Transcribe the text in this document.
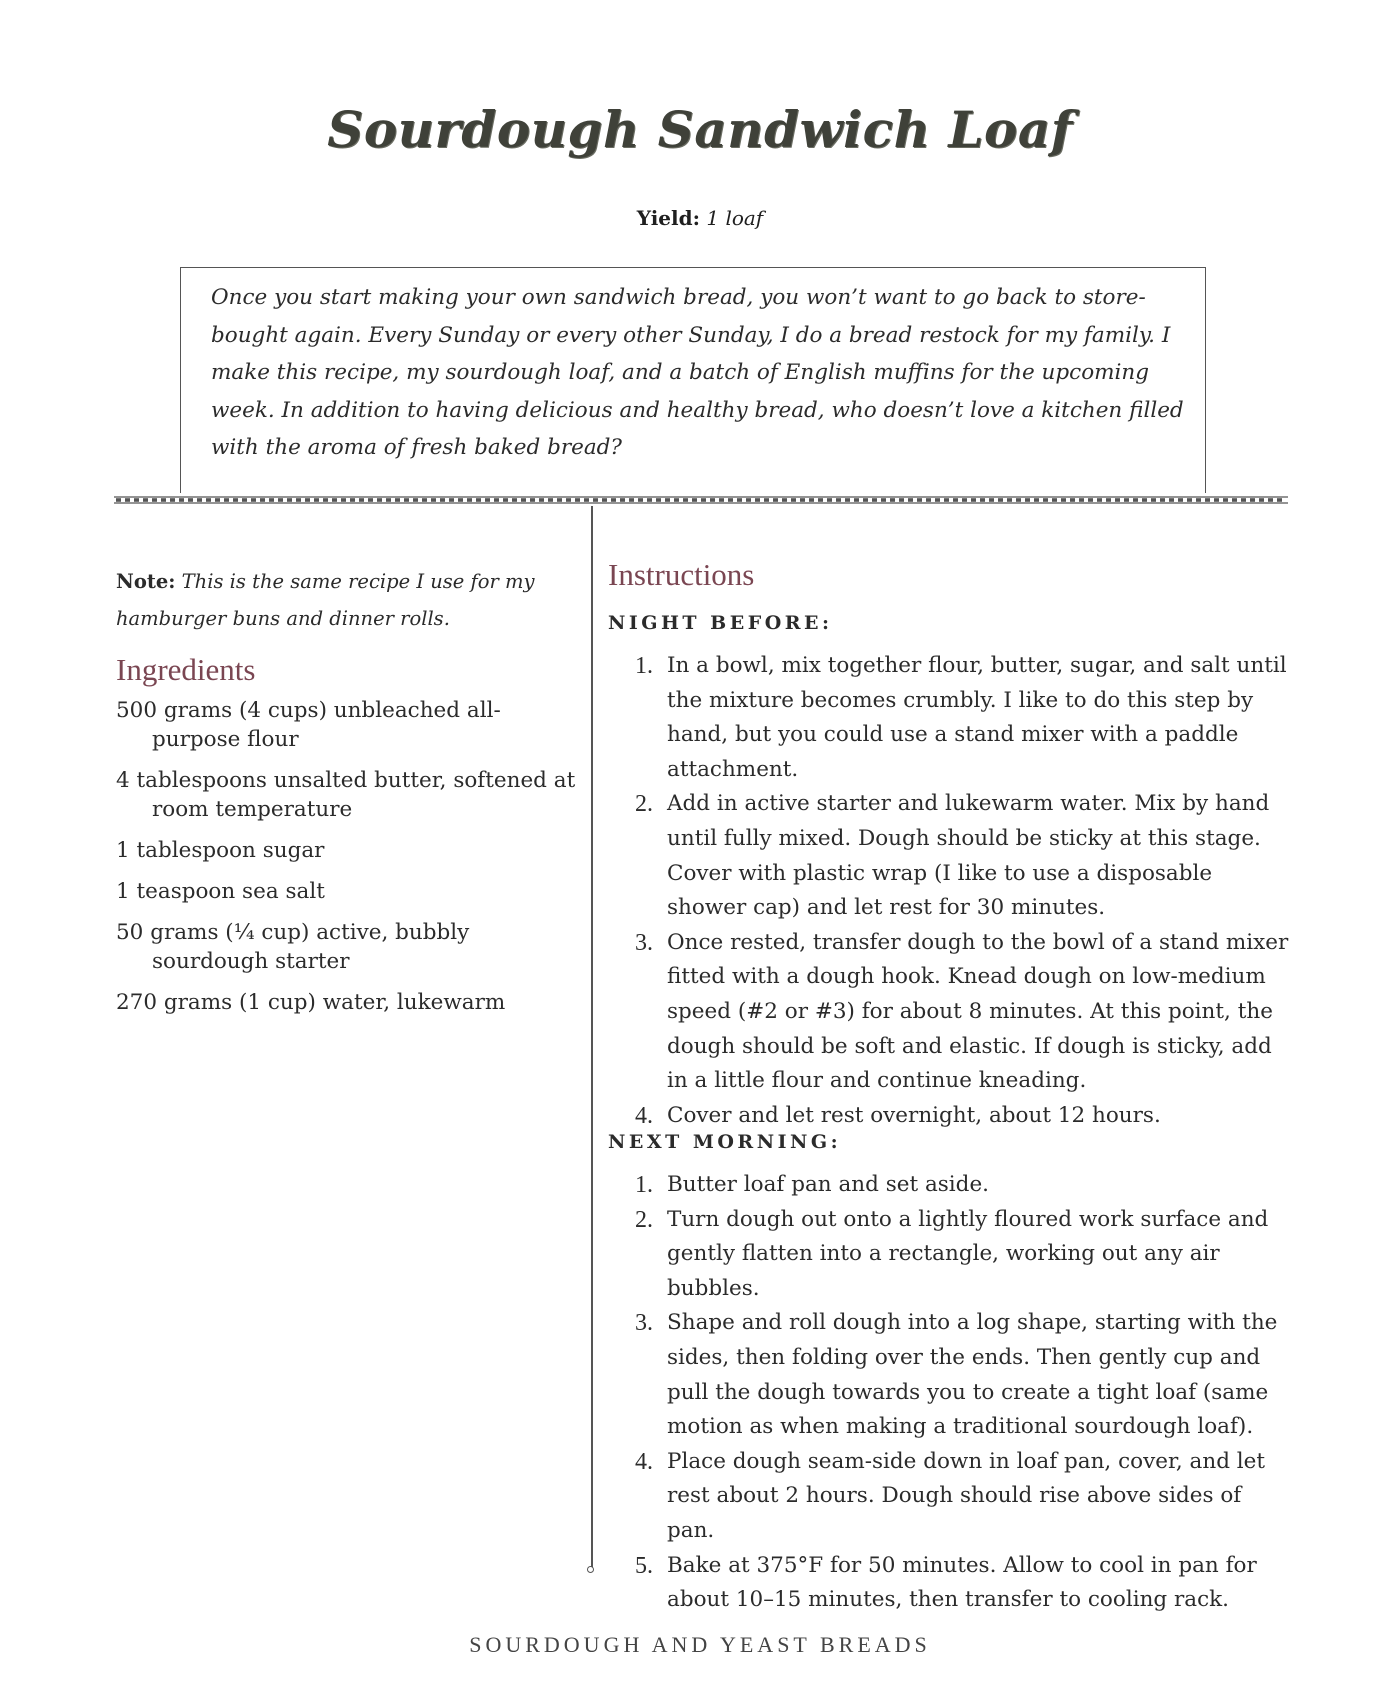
Sourdough Sandwich Loaf
Yield: 1 loaf
Once you start making your own sandwich bread, you won’t want to go back to store-bought again. Every Sunday or every other Sunday, I do a bread restock for my family. I make this recipe, my sourdough loaf, and a batch of English muffins for the upcoming week. In addition to having delicious and healthy bread, who doesn’t love a kitchen filled with the aroma of fresh baked bread?
Note: This is the same recipe I use for my hamburger buns and dinner rolls.
Ingredients
500 grams (4 cups) unbleached all-purpose flour
4 tablespoons unsalted butter, softened at room temperature
1 tablespoon sugar
1 teaspoon sea salt
50 grams (¼ cup) active, bubbly sourdough starter
270 grams (1 cup) water, lukewarm
Instructions
NIGHT BEFORE:
1. In a bowl, mix together flour, butter, sugar, and salt until the mixture becomes crumbly. I like to do this step by hand, but you could use a stand mixer with a paddle attachment.
2. Add in active starter and lukewarm water. Mix by hand until fully mixed. Dough should be sticky at this stage. Cover with plastic wrap (I like to use a disposable shower cap) and let rest for 30 minutes.
3. Once rested, transfer dough to the bowl of a stand mixer fitted with a dough hook. Knead dough on low-medium speed (#2 or #3) for about 8 minutes. At this point, the dough should be soft and elastic. If dough is sticky, add in a little flour and continue kneading.
4. Cover and let rest overnight, about 12 hours.
NEXT MORNING:
1. Butter loaf pan and set aside.
2. Turn dough out onto a lightly floured work surface and gently flatten into a rectangle, working out any air bubbles.
3. Shape and roll dough into a log shape, starting with the sides, then folding over the ends. Then gently cup and pull the dough towards you to create a tight loaf (same motion as when making a traditional sourdough loaf).
4. Place dough seam-side down in loaf pan, cover, and let rest about 2 hours. Dough should rise above sides of pan.
5. Bake at 375°F for 50 minutes. Allow to cool in pan for about 10–15 minutes, then transfer to cooling rack.
SOURDOUGH AND YEAST BREADS
